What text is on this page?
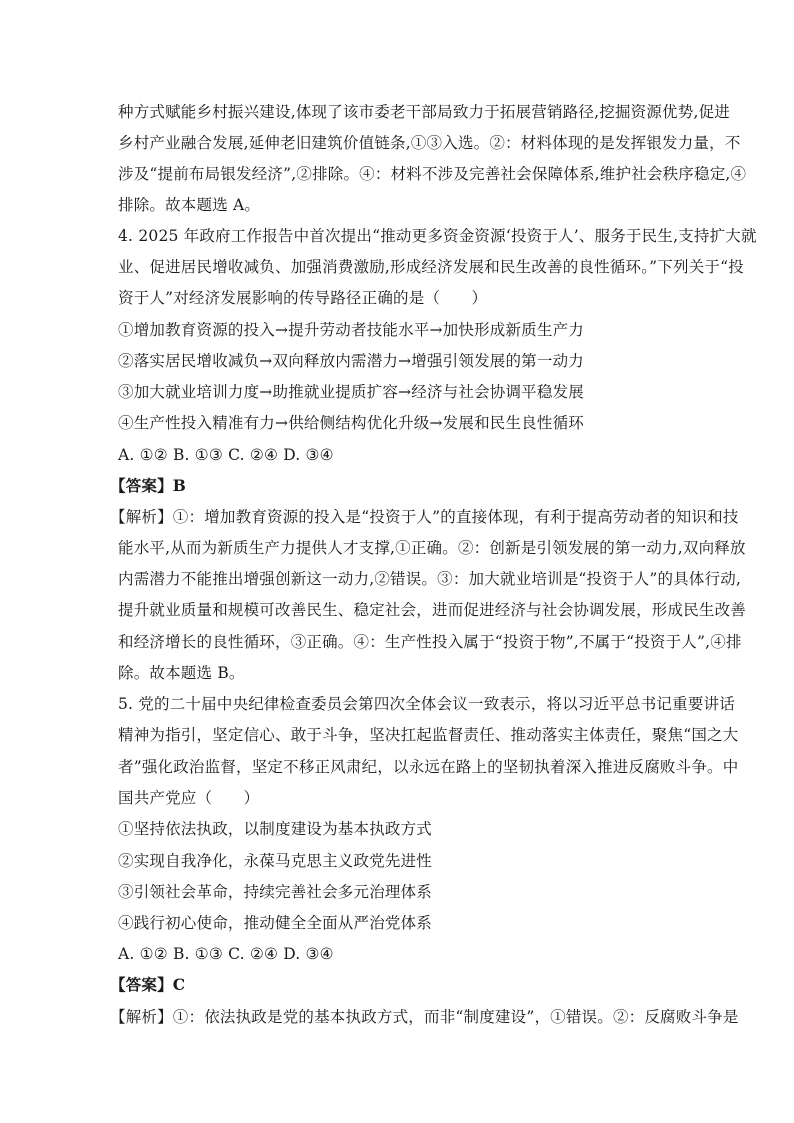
种方式赋能乡村振兴建设,体现了该市委老干部局致力于拓展营销路径,挖掘资源优势,促进
乡村产业融合发展,延伸老旧建筑价值链条,①③入选。②：材料体现的是发挥银发力量，不
涉及“提前布局银发经济”,②排除。④：材料不涉及完善社会保障体系,维护社会秩序稳定,④
排除。故本题选 A。
4. 2025 年政府工作报告中首次提出“推动更多资金资源‘投资于人’、服务于民生,支持扩大就
业、促进居民增收减负、加强消费激励,形成经济发展和民生改善的良性循环。”下列关于“投
资于人”对经济发展影响的传导路径正确的是（　　）
①增加教育资源的投入→提升劳动者技能水平→加快形成新质生产力
②落实居民增收减负→双向释放内需潜力→增强引领发展的第一动力
③加大就业培训力度→助推就业提质扩容→经济与社会协调平稳发展
④生产性投入精准有力→供给侧结构优化升级→发展和民生良性循环
A. ①② B. ①③ C. ②④ D. ③④
【答案】B
【解析】①：增加教育资源的投入是“投资于人”的直接体现，有利于提高劳动者的知识和技
能水平,从而为新质生产力提供人才支撑,①正确。②：创新是引领发展的第一动力,双向释放
内需潜力不能推出增强创新这一动力,②错误。③：加大就业培训是“投资于人”的具体行动,
提升就业质量和规模可改善民生、稳定社会，进而促进经济与社会协调发展，形成民生改善
和经济增长的良性循环，③正确。④：生产性投入属于“投资于物”,不属于“投资于人”,④排
除。故本题选 B。
5. 党的二十届中央纪律检查委员会第四次全体会议一致表示，将以习近平总书记重要讲话
精神为指引，坚定信心、敢于斗争，坚决扛起监督责任、推动落实主体责任，聚焦“国之大
者”强化政治监督，坚定不移正风肃纪，以永远在路上的坚韧执着深入推进反腐败斗争。中
国共产党应（　　）
①坚持依法执政，以制度建设为基本执政方式
②实现自我净化，永葆马克思主义政党先进性
③引领社会革命，持续完善社会多元治理体系
④践行初心使命，推动健全全面从严治党体系
A. ①② B. ①③ C. ②④ D. ③④
【答案】C
【解析】①：依法执政是党的基本执政方式，而非“制度建设”，①错误。②：反腐败斗争是
